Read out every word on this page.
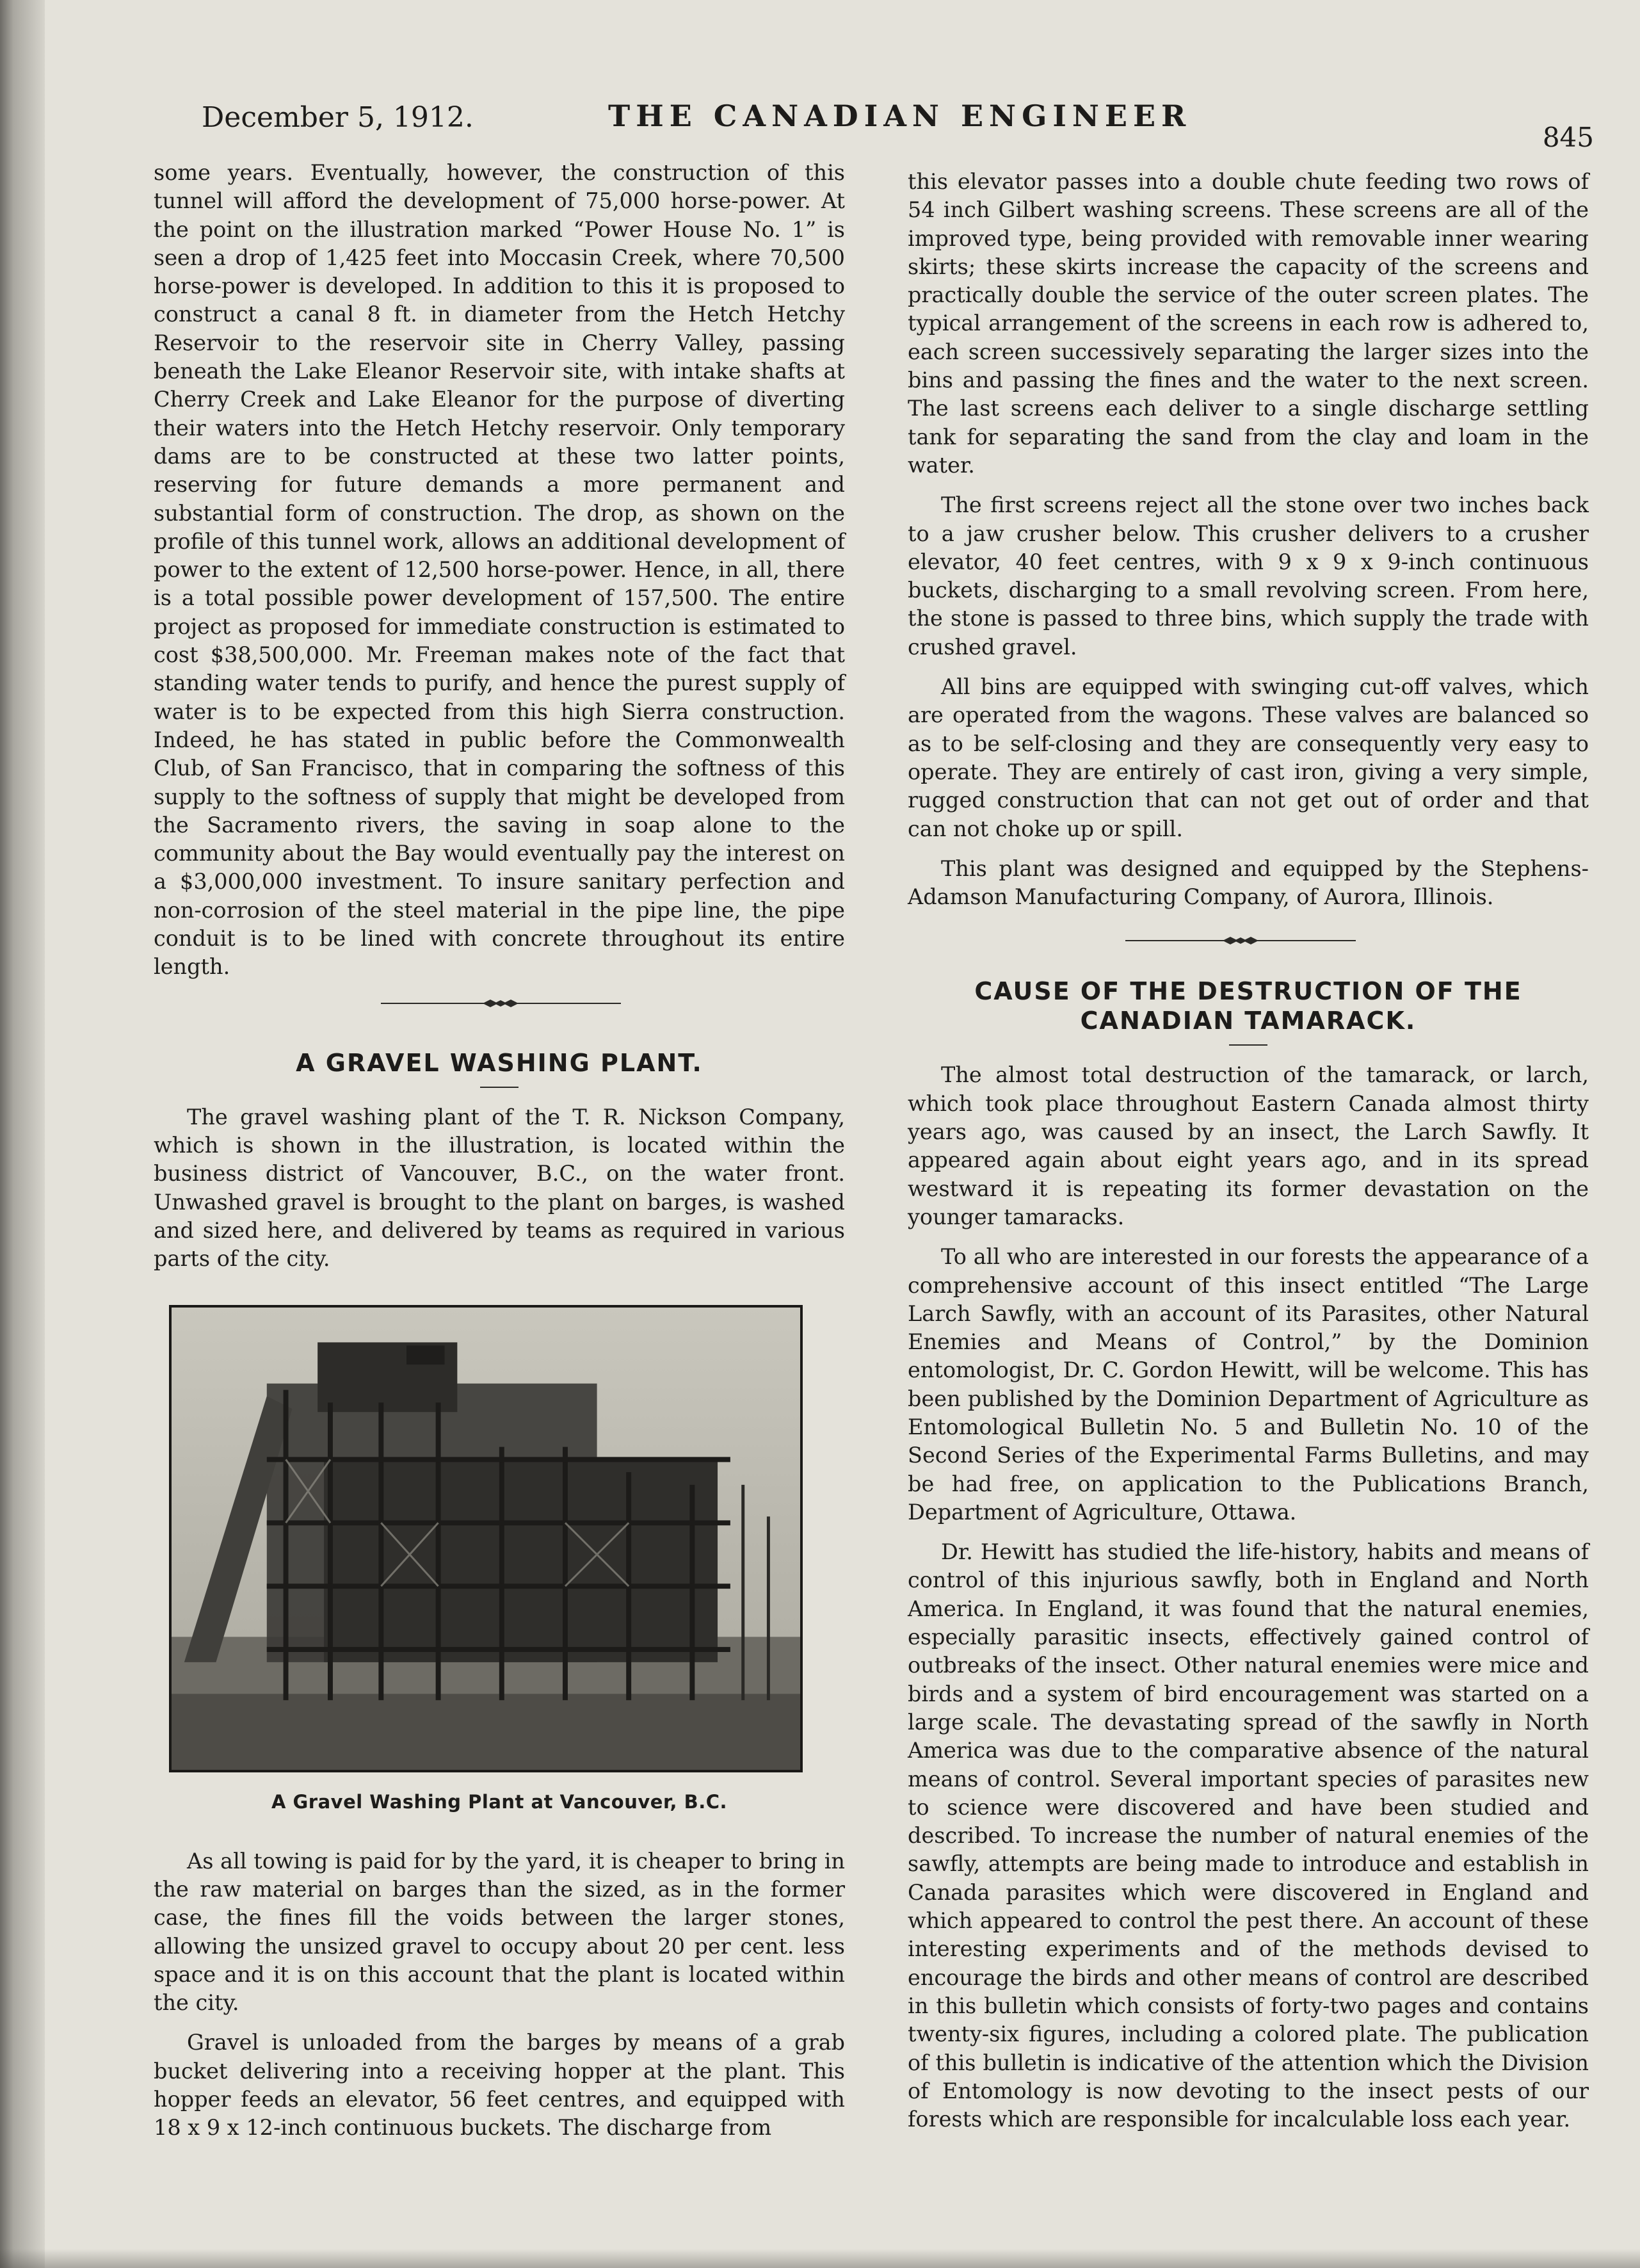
December 5, 1912.	THE CANADIAN ENGINEER
845

some years. Eventually, however, the construction of this tunnel will afford the development of 75,000 horse-power. At the point on the illustration marked “Power House No. 1” is seen a drop of 1,425 feet into Moccasin Creek, where 70,500 horse-power is developed. In addition to this it is proposed to construct a canal 8 ft. in diameter from the Hetch Hetchy Reservoir to the reservoir site in Cherry Valley, passing beneath the Lake Eleanor Reservoir site, with intake shafts at Cherry Creek and Lake Eleanor for the purpose of diverting their waters into the Hetch Hetchy reservoir. Only temporary dams are to be constructed at these two latter points, reserving for future demands a more permanent and substantial form of construction. The drop, as shown on the profile of this tunnel work, allows an additional development of power to the extent of 12,500 horse-power. Hence, in all, there is a total possible power development of 157,500. The entire project as proposed for immediate construction is estimated to cost $38,500,000. Mr. Freeman makes note of the fact that standing water tends to purify, and hence the purest supply of water is to be expected from this high Sierra construction. Indeed, he has stated in public before the Commonwealth Club, of San Francisco, that in comparing the softness of this supply to the softness of supply that might be developed from the Sacramento rivers, the saving in soap alone to the community about the Bay would eventually pay the interest on a $3,000,000 investment. To insure sanitary perfection and non-corrosion of the steel material in the pipe line, the pipe conduit is to be lined with concrete throughout its entire length.

A GRAVEL WASHING PLANT.

The gravel washing plant of the T. R. Nickson Company, which is shown in the illustration, is located within the business district of Vancouver, B.C., on the water front. Unwashed gravel is brought to the plant on barges, is washed and sized here, and delivered by teams as required in various parts of the city.

A Gravel Washing Plant at Vancouver, B.C.

As all towing is paid for by the yard, it is cheaper to bring in the raw material on barges than the sized, as in the former case, the fines fill the voids between the larger stones, allowing the unsized gravel to occupy about 20 per cent. less space and it is on this account that the plant is located within the city.

Gravel is unloaded from the barges by means of a grab bucket delivering into a receiving hopper at the plant. This hopper feeds an elevator, 56 feet centres, and equipped with 18 x 9 x 12-inch continuous buckets. The discharge from

this elevator passes into a double chute feeding two rows of 54 inch Gilbert washing screens. These screens are all of the improved type, being provided with removable inner wearing skirts; these skirts increase the capacity of the screens and practically double the service of the outer screen plates. The typical arrangement of the screens in each row is adhered to, each screen successively separating the larger sizes into the bins and passing the fines and the water to the next screen. The last screens each deliver to a single discharge settling tank for separating the sand from the clay and loam in the water.

The first screens reject all the stone over two inches back to a jaw crusher below. This crusher delivers to a crusher elevator, 40 feet centres, with 9 x 9 x 9-inch continuous buckets, discharging to a small revolving screen. From here, the stone is passed to three bins, which supply the trade with crushed gravel.

All bins are equipped with swinging cut-off valves, which are operated from the wagons. These valves are balanced so as to be self-closing and they are consequently very easy to operate. They are entirely of cast iron, giving a very simple, rugged construction that can not get out of order and that can not choke up or spill.

This plant was designed and equipped by the Stephens-Adamson Manufacturing Company, of Aurora, Illinois.

CAUSE OF THE DESTRUCTION OF THE
CANADIAN TAMARACK.

The almost total destruction of the tamarack, or larch, which took place throughout Eastern Canada almost thirty years ago, was caused by an insect, the Larch Sawfly. It appeared again about eight years ago, and in its spread westward it is repeating its former devastation on the younger tamaracks.

To all who are interested in our forests the appearance of a comprehensive account of this insect entitled “The Large Larch Sawfly, with an account of its Parasites, other Natural Enemies and Means of Control,” by the Dominion entomologist, Dr. C. Gordon Hewitt, will be welcome. This has been published by the Dominion Department of Agriculture as Entomological Bulletin No. 5 and Bulletin No. 10 of the Second Series of the Experimental Farms Bulletins, and may be had free, on application to the Publications Branch, Department of Agriculture, Ottawa.

Dr. Hewitt has studied the life-history, habits and means of control of this injurious sawfly, both in England and North America. In England, it was found that the natural enemies, especially parasitic insects, effectively gained control of outbreaks of the insect. Other natural enemies were mice and birds and a system of bird encouragement was started on a large scale. The devastating spread of the sawfly in North America was due to the comparative absence of the natural means of control. Several important species of parasites new to science were discovered and have been studied and described. To increase the number of natural enemies of the sawfly, attempts are being made to introduce and establish in Canada parasites which were discovered in England and which appeared to control the pest there. An account of these interesting experiments and of the methods devised to encourage the birds and other means of control are described in this bulletin which consists of forty-two pages and contains twenty-six figures, including a colored plate. The publication of this bulletin is indicative of the attention which the Division of Entomology is now devoting to the insect pests of our forests which are responsible for incalculable loss each year.
